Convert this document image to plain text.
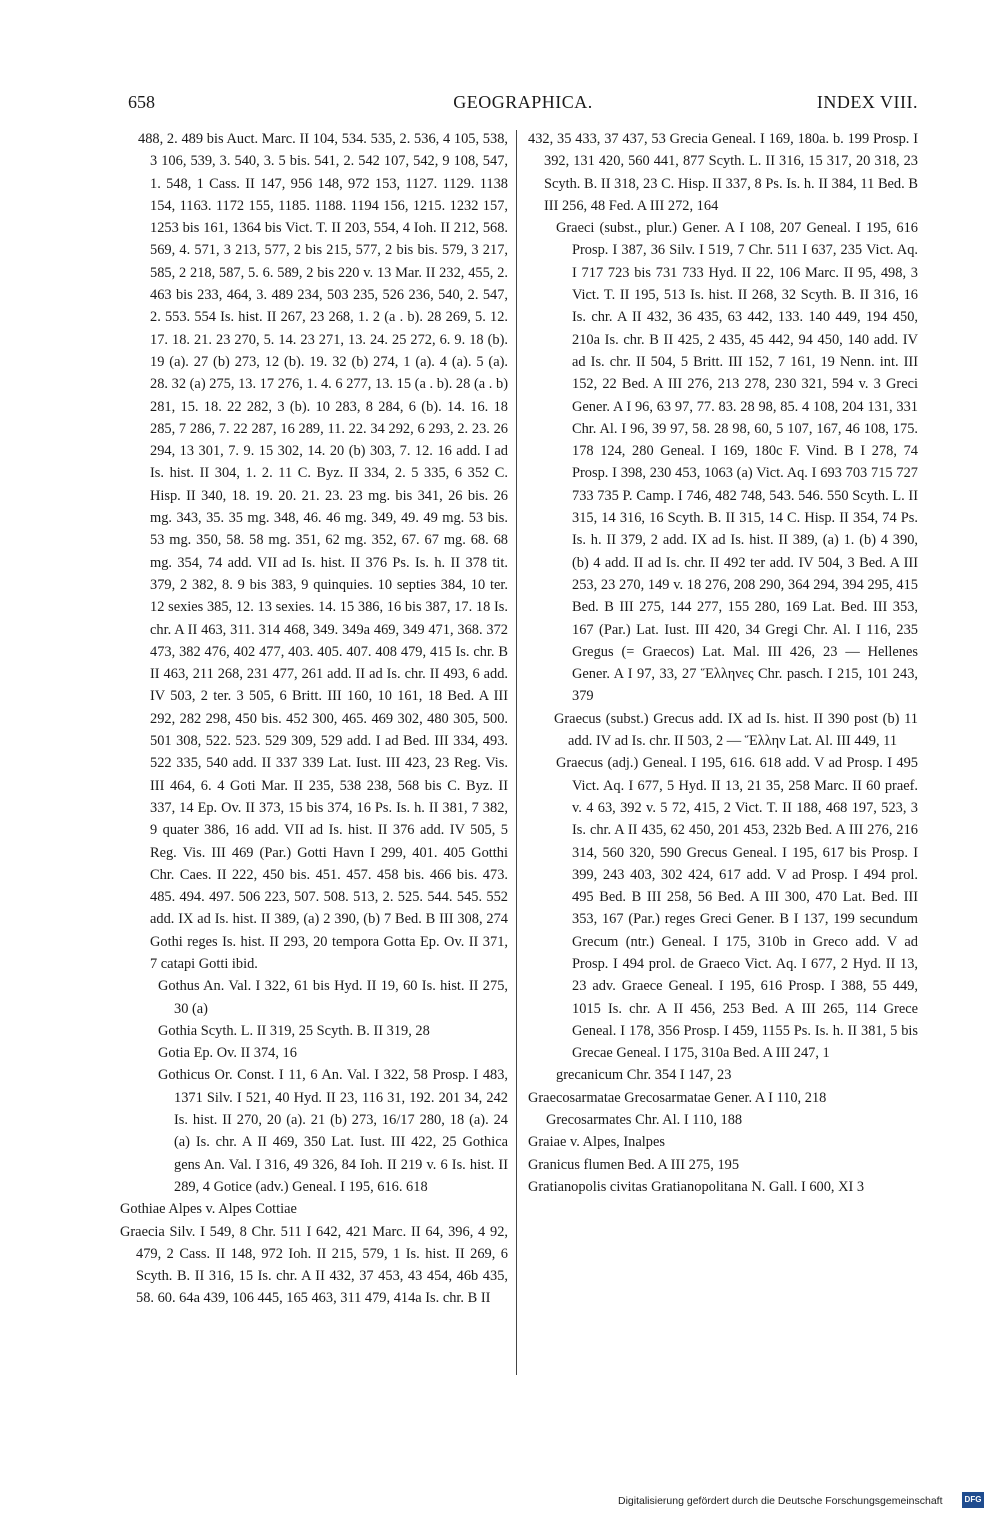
658	GEOGRAPHICA.	INDEX VIII.

488, 2. 489 bis Auct. Marc. II 104, 534. 535, 2. 536, 4 105, 538, 3 106, 539, 3. 540, 3. 5 bis. 541, 2. 542 107, 542, 9 108, 547, 1. 548, 1 Cass. II 147, 956 148, 972 153, 1127. 1129. 1138 154, 1163. 1172 155, 1185. 1188. 1194 156, 1215. 1232 157, 1253 bis 161, 1364 bis Vict. T. II 203, 554, 4 Ioh. II 212, 568. 569, 4. 571, 3 213, 577, 2 bis 215, 577, 2 bis bis. 579, 3 217, 585, 2 218, 587, 5. 6. 589, 2 bis 220 v. 13 Mar. II 232, 455, 2. 463 bis 233, 464, 3. 489 234, 503 235, 526 236, 540, 2. 547, 2. 553. 554 Is. hist. II 267, 23 268, 1. 2 (a . b). 28 269, 5. 12. 17. 18. 21. 23 270, 5. 14. 23 271, 13. 24. 25 272, 6. 9. 18 (b). 19 (a). 27 (b) 273, 12 (b). 19. 32 (b) 274, 1 (a). 4 (a). 5 (a). 28. 32 (a) 275, 13. 17 276, 1. 4. 6 277, 13. 15 (a . b). 28 (a . b) 281, 15. 18. 22 282, 3 (b). 10 283, 8 284, 6 (b). 14. 16. 18 285, 7 286, 7. 22 287, 16 289, 11. 22. 34 292, 6 293, 2. 23. 26 294, 13 301, 7. 9. 15 302, 14. 20 (b) 303, 7. 12. 16 add. I ad Is. hist. II 304, 1. 2. 11 C. Byz. II 334, 2. 5 335, 6 352 C. Hisp. II 340, 18. 19. 20. 21. 23. 23 mg. bis 341, 26 bis. 26 mg. 343, 35. 35 mg. 348, 46. 46 mg. 349, 49. 49 mg. 53 bis. 53 mg. 350, 58. 58 mg. 351, 62 mg. 352, 67. 67 mg. 68. 68 mg. 354, 74 add. VII ad Is. hist. II 376 Ps. Is. h. II 378 tit. 379, 2 382, 8. 9 bis 383, 9 quinquies. 10 septies 384, 10 ter. 12 sexies 385, 12. 13 sexies. 14. 15 386, 16 bis 387, 17. 18 Is. chr. A II 463, 311. 314 468, 349. 349a 469, 349 471, 368. 372 473, 382 476, 402 477, 403. 405. 407. 408 479, 415 Is. chr. B II 463, 211 268, 231 477, 261 add. II ad Is. chr. II 493, 6 add. IV 503, 2 ter. 3 505, 6 Britt. III 160, 10 161, 18 Bed. A III 292, 282 298, 450 bis. 452 300, 465. 469 302, 480 305, 500. 501 308, 522. 523. 529 309, 529 add. I ad Bed. III 334, 493. 522 335, 540 add. II 337 339 Lat. Iust. III 423, 23 Reg. Vis. III 464, 6. 4 Goti Mar. II 235, 538 238, 568 bis C. Byz. II 337, 14 Ep. Ov. II 373, 15 bis 374, 16 Ps. Is. h. II 381, 7 382, 9 quater 386, 16 add. VII ad Is. hist. II 376 add. IV 505, 5 Reg. Vis. III 469 (Par.) Gotti Havn I 299, 401. 405 Gotthi Chr. Caes. II 222, 450 bis. 451. 457. 458 bis. 466 bis. 473. 485. 494. 497. 506 223, 507. 508. 513, 2. 525. 544. 545. 552 add. IX ad Is. hist. II 389, (a) 2 390, (b) 7 Bed. B III 308, 274 Gothi reges Is. hist. II 293, 20 tempora Gotta Ep. Ov. II 371, 7 catapi Gotti ibid.

Gothus An. Val. I 322, 61 bis Hyd. II 19, 60 Is. hist. II 275, 30 (a)

Gothia Scyth. L. II 319, 25 Scyth. B. II 319, 28

Gotia Ep. Ov. II 374, 16

Gothicus Or. Const. I 11, 6 An. Val. I 322, 58 Prosp. I 483, 1371 Silv. I 521, 40 Hyd. II 23, 116 31, 192. 201 34, 242 Is. hist. II 270, 20 (a). 21 (b) 273, 16/17 280, 18 (a). 24 (a) Is. chr. A II 469, 350 Lat. Iust. III 422, 25 Gothica gens An. Val. I 316, 49 326, 84 Ioh. II 219 v. 6 Is. hist. II 289, 4 Gotice (adv.) Geneal. I 195, 616. 618

Gothiae Alpes v. Alpes Cottiae

Graecia Silv. I 549, 8 Chr. 511 I 642, 421 Marc. II 64, 396, 4 92, 479, 2 Cass. II 148, 972 Ioh. II 215, 579, 1 Is. hist. II 269, 6 Scyth. B. II 316, 15 Is. chr. A II 432, 37 453, 43 454, 46b 435, 58. 60. 64a 439, 106 445, 165 463, 311 479, 414a Is. chr. B II

432, 35 433, 37 437, 53 Grecia Geneal. I 169, 180a. b. 199 Prosp. I 392, 131 420, 560 441, 877 Scyth. L. II 316, 15 317, 20 318, 23 Scyth. B. II 318, 23 C. Hisp. II 337, 8 Ps. Is. h. II 384, 11 Bed. B III 256, 48 Fed. A III 272, 164

Graeci (subst., plur.) Gener. A I 108, 207 Geneal. I 195, 616 Prosp. I 387, 36 Silv. I 519, 7 Chr. 511 I 637, 235 Vict. Aq. I 717 723 bis 731 733 Hyd. II 22, 106 Marc. II 95, 498, 3 Vict. T. II 195, 513 Is. hist. II 268, 32 Scyth. B. II 316, 16 Is. chr. A II 432, 36 435, 63 442, 133. 140 449, 194 450, 210a Is. chr. B II 425, 2 435, 45 442, 94 450, 140 add. IV ad Is. chr. II 504, 5 Britt. III 152, 7 161, 19 Nenn. int. III 152, 22 Bed. A III 276, 213 278, 230 321, 594 v. 3 Greci Gener. A I 96, 63 97, 77. 83. 28 98, 85. 4 108, 204 131, 331 Chr. Al. I 96, 39 97, 58. 28 98, 60, 5 107, 167, 46 108, 175. 178 124, 280 Geneal. I 169, 180c F. Vind. B I 278, 74 Prosp. I 398, 230 453, 1063 (a) Vict. Aq. I 693 703 715 727 733 735 P. Camp. I 746, 482 748, 543. 546. 550 Scyth. L. II 315, 14 316, 16 Scyth. B. II 315, 14 C. Hisp. II 354, 74 Ps. Is. h. II 379, 2 add. IX ad Is. hist. II 389, (a) 1. (b) 4 390, (b) 4 add. II ad Is. chr. II 492 ter add. IV 504, 3 Bed. A III 253, 23 270, 149 v. 18 276, 208 290, 364 294, 394 295, 415 Bed. B III 275, 144 277, 155 280, 169 Lat. Bed. III 353, 167 (Par.) Lat. Iust. III 420, 34 Gregi Chr. Al. I 116, 235 Gregus (= Graecos) Lat. Mal. III 426, 23 — Hellenes Gener. A I 97, 33, 27 Ἕλληνες Chr. pasch. I 215, 101 243, 379

Graecus (subst.) Grecus add. IX ad Is. hist. II 390 post (b) 11 add. IV ad Is. chr. II 503, 2 — Ἕλλην Lat. Al. III 449, 11

Graecus (adj.) Geneal. I 195, 616. 618 add. V ad Prosp. I 495 Vict. Aq. I 677, 5 Hyd. II 13, 21 35, 258 Marc. II 60 praef. v. 4 63, 392 v. 5 72, 415, 2 Vict. T. II 188, 468 197, 523, 3 Is. chr. A II 435, 62 450, 201 453, 232b Bed. A III 276, 216 314, 560 320, 590 Grecus Geneal. I 195, 617 bis Prosp. I 399, 243 403, 302 424, 617 add. V ad Prosp. I 494 prol. 495 Bed. B III 258, 56 Bed. A III 300, 470 Lat. Bed. III 353, 167 (Par.) reges Greci Gener. B I 137, 199 secundum Grecum (ntr.) Geneal. I 175, 310b in Greco add. V ad Prosp. I 494 prol. de Graeco Vict. Aq. I 677, 2 Hyd. II 13, 23 adv. Graece Geneal. I 195, 616 Prosp. I 388, 55 449, 1015 Is. chr. A II 456, 253 Bed. A III 265, 114 Grece Geneal. I 178, 356 Prosp. I 459, 1155 Ps. Is. h. II 381, 5 bis Grecae Geneal. I 175, 310a Bed. A III 247, 1

grecanicum Chr. 354 I 147, 23

Graecosarmatae Grecosarmatae Gener. A I 110, 218

Grecosarmates Chr. Al. I 110, 188

Graiae v. Alpes, Inalpes

Granicus flumen Bed. A III 275, 195

Gratianopolis civitas Gratianopolitana N. Gall. I 600, XI 3

Digitalisierung gefördert durch die Deutsche Forschungsgemeinschaft	DFG
